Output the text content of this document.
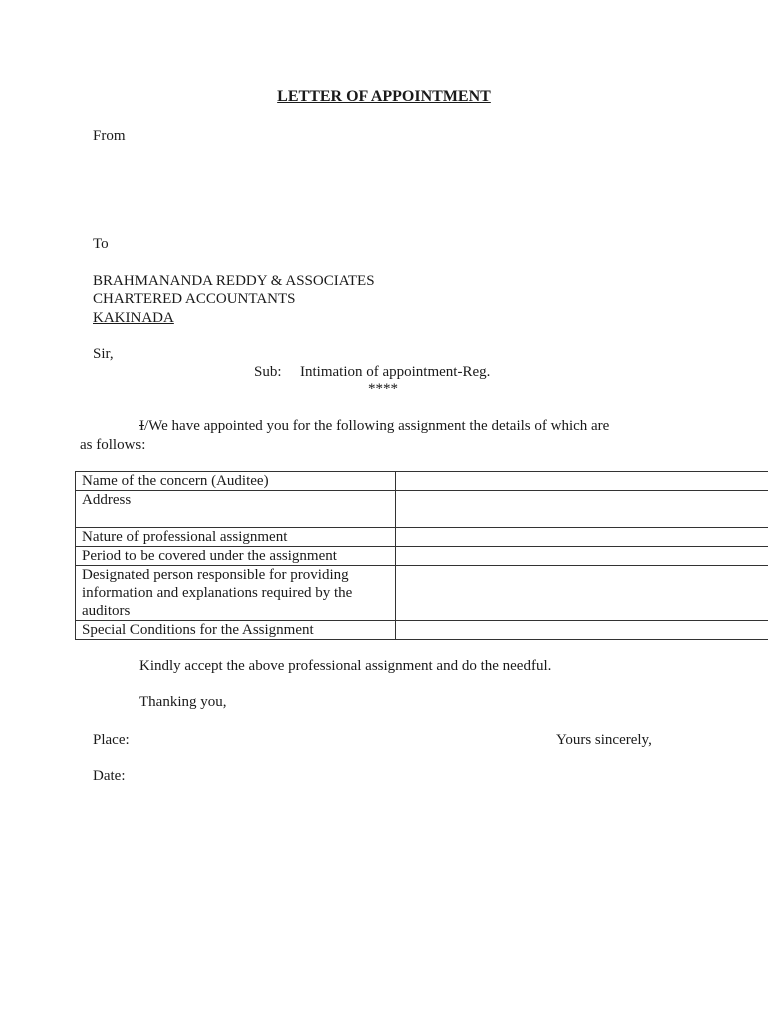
LETTER OF APPOINTMENT
From
To
BRAHMANANDA REDDY & ASSOCIATES
CHARTERED ACCOUNTANTS
KAKINADA
Sir,
Sub: Intimation of appointment-Reg.
****
I/We have appointed you for the following assignment the details of which are
as follows:
Name of the concern (Auditee)	
Address	
Nature of professional assignment	
Period to be covered under the assignment	
Designated person responsible for providing information and explanations required by the auditors	
Special Conditions for the Assignment	
Kindly accept the above professional assignment and do the needful.
Thanking you,
Place:	Yours sincerely,
Date:
